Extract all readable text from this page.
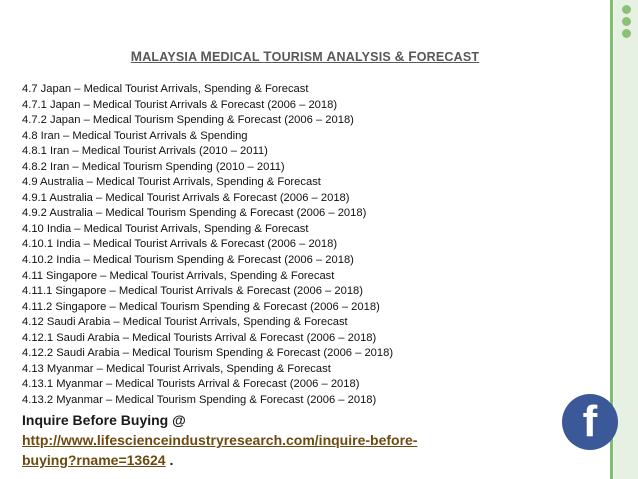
MALAYSIA MEDICAL TOURISM ANALYSIS & FORECAST
4.7 Japan – Medical Tourist Arrivals, Spending & Forecast
4.7.1 Japan – Medical Tourist Arrivals & Forecast (2006 – 2018)
4.7.2 Japan – Medical Tourism Spending & Forecast (2006 – 2018)
4.8 Iran – Medical Tourist Arrivals & Spending
4.8.1 Iran – Medical Tourist Arrivals (2010 – 2011)
4.8.2 Iran – Medical Tourism Spending (2010 – 2011)
4.9 Australia – Medical Tourist Arrivals, Spending & Forecast
4.9.1 Australia – Medical Tourist Arrivals & Forecast (2006 – 2018)
4.9.2 Australia – Medical Tourism Spending & Forecast (2006 – 2018)
4.10 India – Medical Tourist Arrivals, Spending & Forecast
4.10.1 India – Medical Tourist Arrivals & Forecast (2006 – 2018)
4.10.2 India – Medical Tourism Spending & Forecast (2006 – 2018)
4.11 Singapore – Medical Tourist Arrivals, Spending & Forecast
4.11.1 Singapore – Medical Tourist Arrivals & Forecast (2006 – 2018)
4.11.2 Singapore – Medical Tourism Spending & Forecast (2006 – 2018)
4.12 Saudi Arabia – Medical Tourist Arrivals, Spending & Forecast
4.12.1 Saudi Arabia – Medical Tourists Arrival & Forecast (2006 – 2018)
4.12.2 Saudi Arabia – Medical Tourism Spending & Forecast (2006 – 2018)
4.13 Myanmar – Medical Tourist Arrivals, Spending & Forecast
4.13.1 Myanmar – Medical Tourists Arrival & Forecast (2006 – 2018)
4.13.2 Myanmar – Medical Tourism Spending & Forecast (2006 – 2018)
Inquire Before Buying @
http://www.lifescienceindustryresearch.com/inquire-before-
buying?rname=13624 .
f
